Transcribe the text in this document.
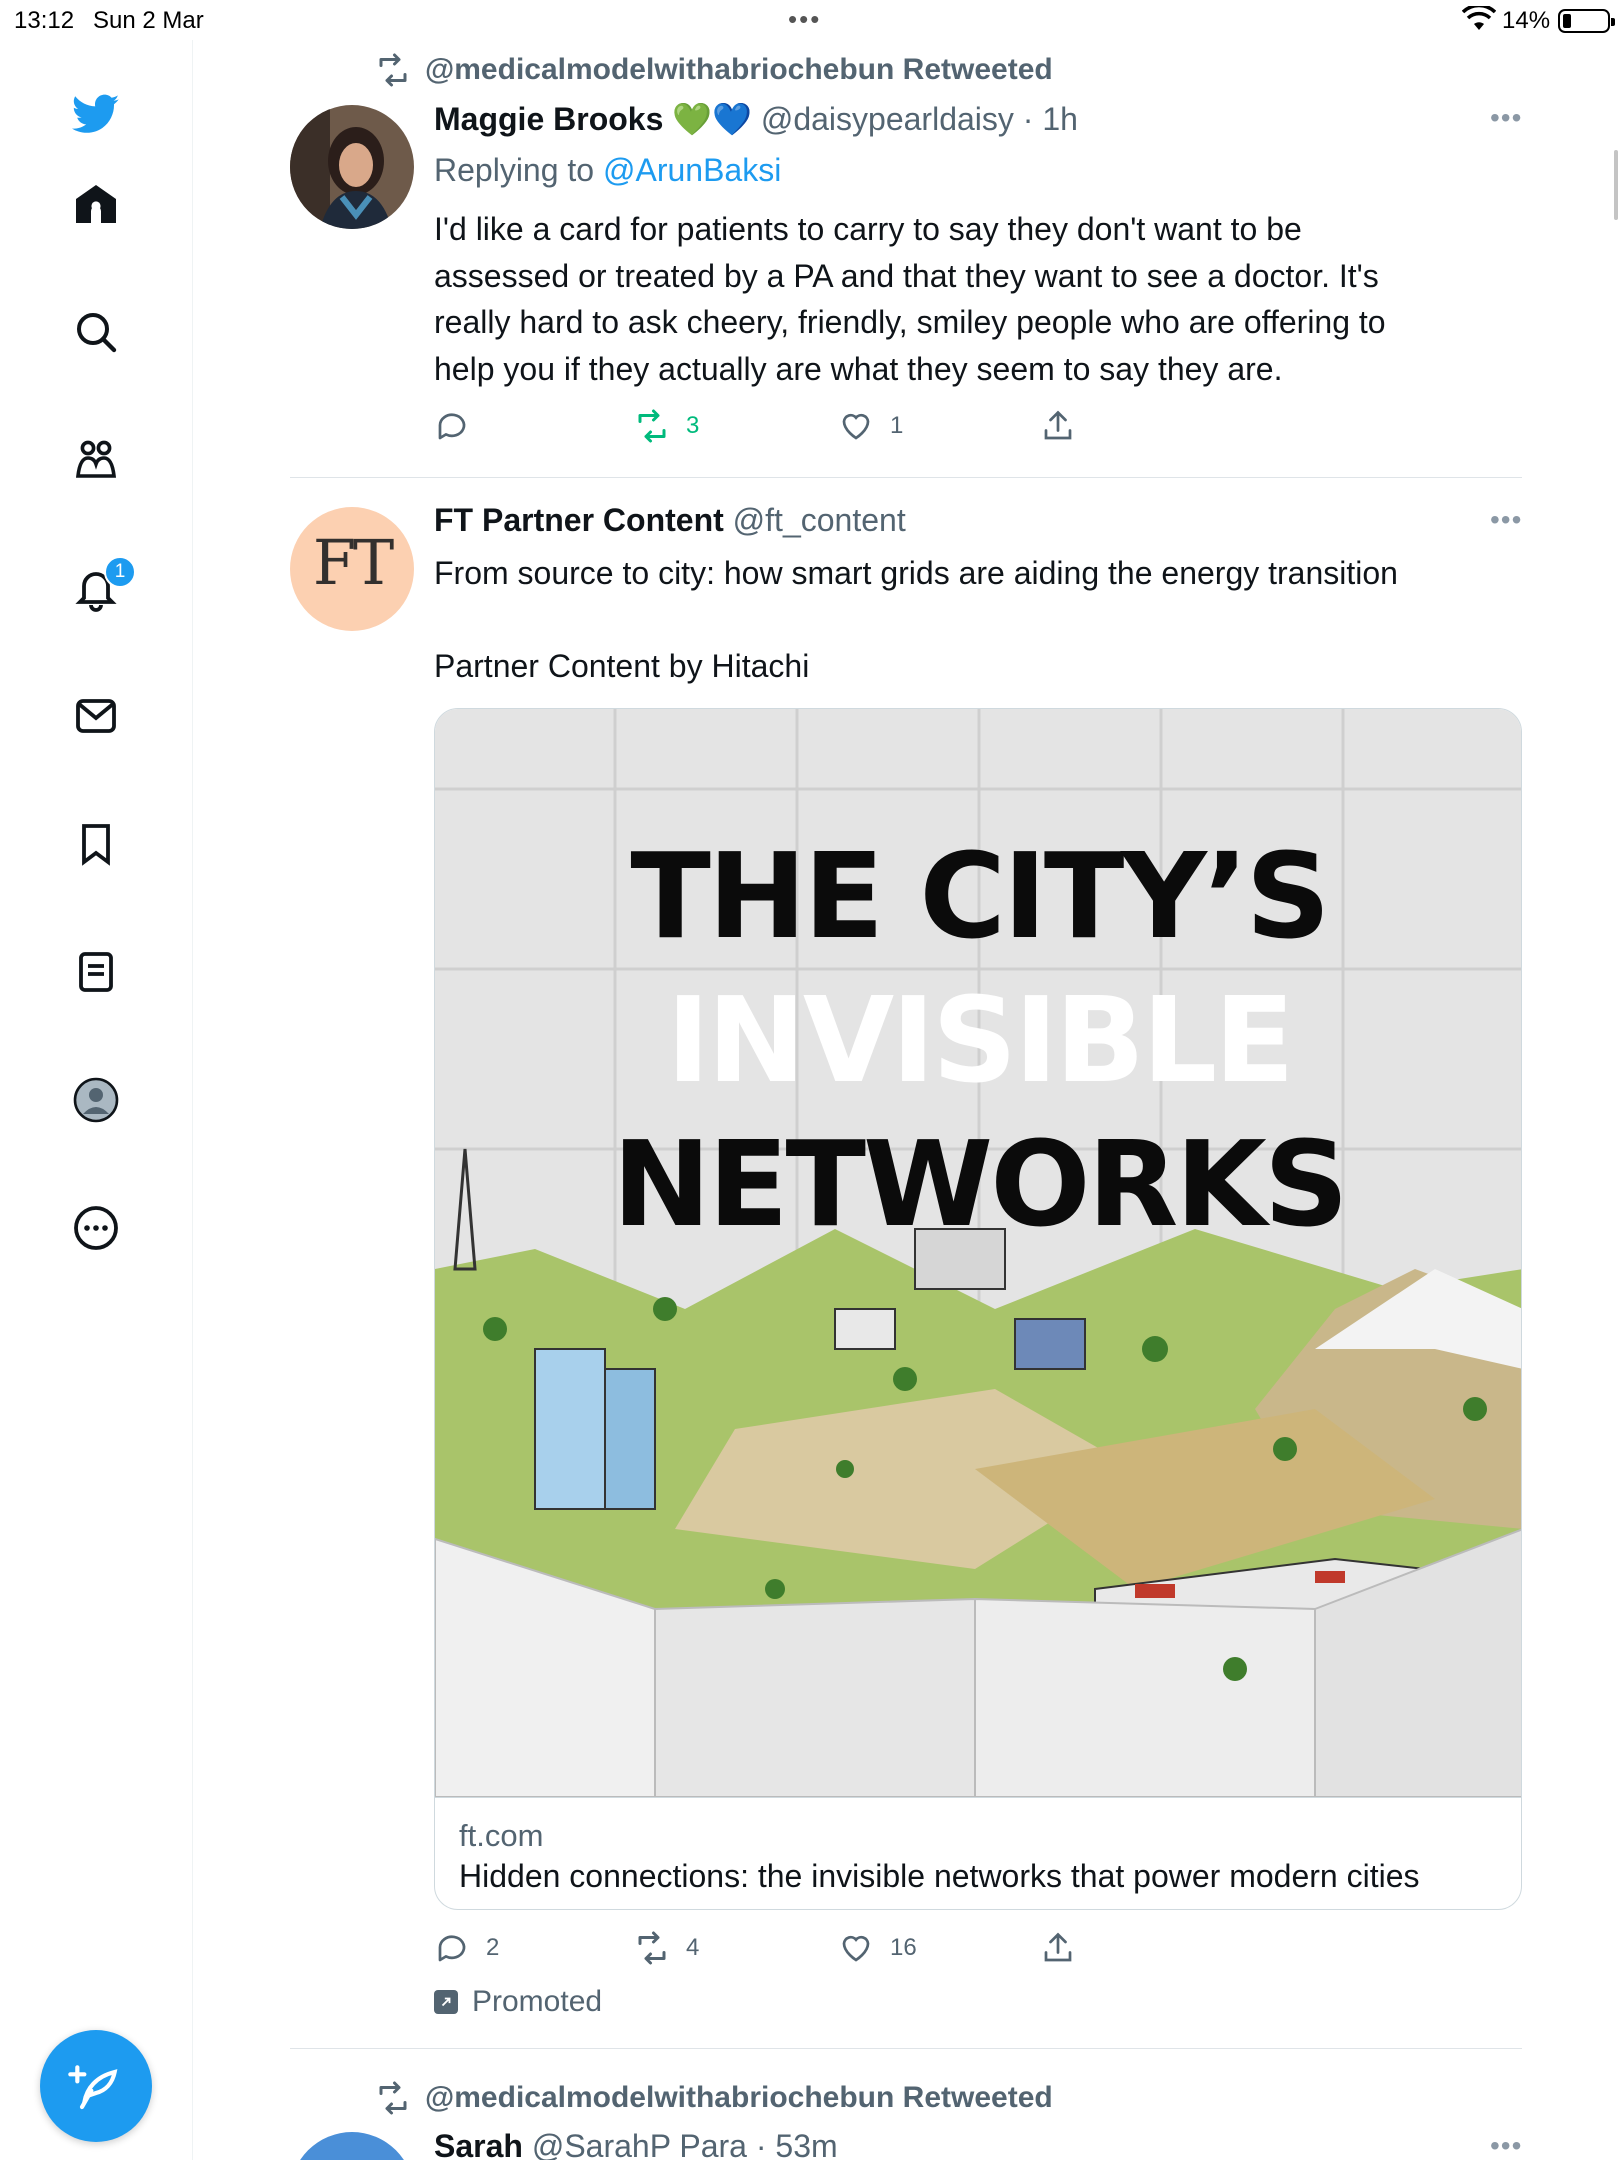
13:12 Sun 2 Mar	•••	14%
1
@medicalmodelwithabriochebun Retweeted
Maggie Brooks 💚💙 @daisypearldaisy · 1h	•••
Replying to @ArunBaksi
I'd like a card for patients to carry to say they don't want to be
assessed or treated by a PA and that they want to see a doctor. It's
really hard to ask cheery, friendly, smiley people who are offering to
help you if they actually are what they seem to say they are.
3	1
FT
FT Partner Content @ft_content	•••
From source to city: how smart grids are aiding the energy transition

Partner Content by Hitachi
THE CITY’S
INVISIBLE
NETWORKS
ft.com
Hidden connections: the invisible networks that power modern cities
2	4	16
Promoted
@medicalmodelwithabriochebun Retweeted
Sarah @SarahP Para · 53m	•••
